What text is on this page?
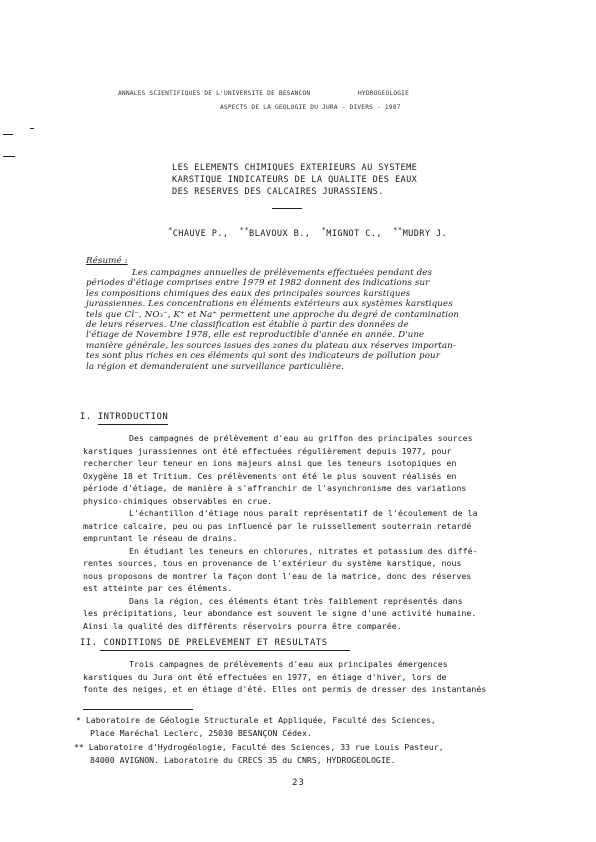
ANNALES SCIENTIFIQUES DE L'UNIVERSITE DE BESANCON	HYDROGEOLOGIE
ASPECTS DE LA GEOLOGIE DU JURA - DIVERS - 1987
LES ELEMENTS CHIMIQUES EXTERIEURS AU SYSTEME
KARSTIQUE INDICATEURS DE LA QUALITE DES EAUX
DES RESERVES DES CALCAIRES JURASSIENS.
*CHAUVE P., **BLAVOUX B., *MIGNOT C., **MUDRY J.
Résumé :
Les campagnes annuelles de prélèvements effectuées pendant des
périodes d'étiage comprises entre 1979 et 1982 donnent des indications sur
les compositions chimiques des eaux des principales sources karstiques
jurassiennes. Les concentrations en éléments extérieurs aux systèmes karstiques
tels que Cl⁻, NO₃⁻, K⁺ et Na⁺ permettent une approche du degré de contamination
de leurs réserves. Une classification est établie à partir des données de
l'étiage de Novembre 1978, elle est reproductible d'année en année. D'une
manière générale, les sources issues des zones du plateau aux réserves importan-
tes sont plus riches en ces éléments qui sont des indicateurs de pollution pour
la région et demanderaient une surveillance particulière.
I. INTRODUCTION
Des campagnes de prélèvement d'eau au griffon des principales sources
karstiques jurassiennes ont été effectuées régulièrement depuis 1977, pour
rechercher leur teneur en ions majeurs ainsi que les teneurs isotopiques en
Oxygène 18 et Tritium. Ces prélèvements ont été le plus souvent réalisés en
période d'étiage, de manière à s'affranchir de l'asynchronisme des variations
physico-chimiques observables en crue.
L'échantillon d'étiage nous paraît représentatif de l'écoulement de la
matrice calcaire, peu ou pas influencé par le ruissellement souterrain retardé
empruntant le réseau de drains.
En étudiant les teneurs en chlorures, nitrates et potassium des diffé-
rentes sources, tous en provenance de l'extérieur du système karstique, nous
nous proposons de montrer la façon dont l'eau de la matrice, donc des réserves
est atteinte par ces éléments.
Dans la région, ces éléments étant très faiblement représentés dans
les précipitations, leur abondance est souvent le signe d'une activité humaine.
Ainsi la qualité des différents réservoirs pourra être comparée.
II. CONDITIONS DE PRELEVEMENT ET RESULTATS
Trois campagnes de prélèvements d'eau aux principales émergences
karstiques du Jura ont été effectuées en 1977, en étiage d'hiver, lors de
fonte des neiges, et en étiage d'été. Elles ont permis de dresser des instantanés
* Laboratoire de Géologie Structurale et Appliquée, Faculté des Sciences,
Place Maréchal Leclerc, 25030 BESANÇON Cédex.
** Laboratoire d'Hydrogéologie, Faculté des Sciences, 33 rue Louis Pasteur,
84000 AVIGNON. Laboratoire du CRECS 35 du CNRS, HYDROGEOLOGIE.
23
